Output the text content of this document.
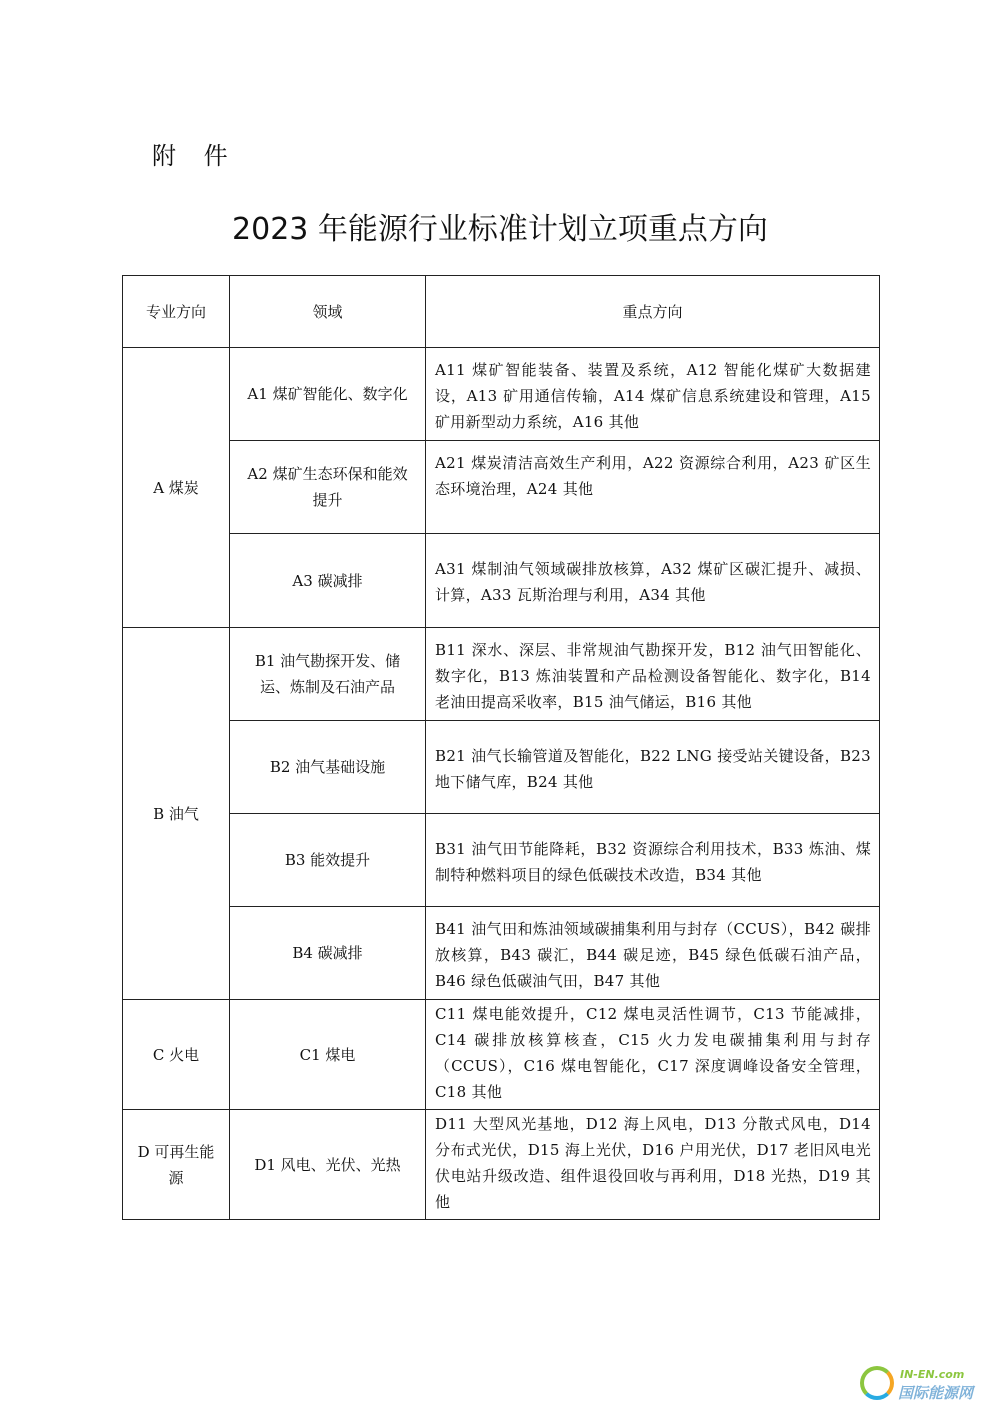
附 件
2023 年能源行业标准计划立项重点方向
专业方向	领域	重点方向
A 煤炭	A1 煤矿智能化、数字化	A11 煤矿智能装备、装置及系统，A12 智能化煤矿大数据建设，A13 矿用通信传输，A14 煤矿信息系统建设和管理，A15 矿用新型动力系统，A16 其他
	A2 煤矿生态环保和能效提升	A21 煤炭清洁高效生产利用，A22 资源综合利用，A23 矿区生态环境治理，A24 其他
	A3 碳减排	A31 煤制油气领域碳排放核算，A32 煤矿区碳汇提升、减损、计算，A33 瓦斯治理与利用，A34 其他
B 油气	B1 油气勘探开发、储运、炼制及石油产品	B11 深水、深层、非常规油气勘探开发，B12 油气田智能化、数字化，B13 炼油装置和产品检测设备智能化、数字化，B14 老油田提高采收率，B15 油气储运，B16 其他
	B2 油气基础设施	B21 油气长输管道及智能化，B22 LNG 接受站关键设备，B23 地下储气库，B24 其他
	B3 能效提升	B31 油气田节能降耗，B32 资源综合利用技术，B33 炼油、煤制特种燃料项目的绿色低碳技术改造，B34 其他
	B4 碳减排	B41 油气田和炼油领域碳捕集利用与封存（CCUS），B42 碳排放核算，B43 碳汇，B44 碳足迹，B45 绿色低碳石油产品，B46 绿色低碳油气田，B47 其他
C 火电	C1 煤电	C11 煤电能效提升，C12 煤电灵活性调节，C13 节能减排，C14 碳排放核算核查，C15 火力发电碳捕集利用与封存（CCUS），C16 煤电智能化，C17 深度调峰设备安全管理，C18 其他
D 可再生能源	D1 风电、光伏、光热	D11 大型风光基地，D12 海上风电，D13 分散式风电，D14 分布式光伏，D15 海上光伏，D16 户用光伏，D17 老旧风电光伏电站升级改造、组件退役回收与再利用，D18 光热，D19 其他
IN-EN.com
国际能源网
